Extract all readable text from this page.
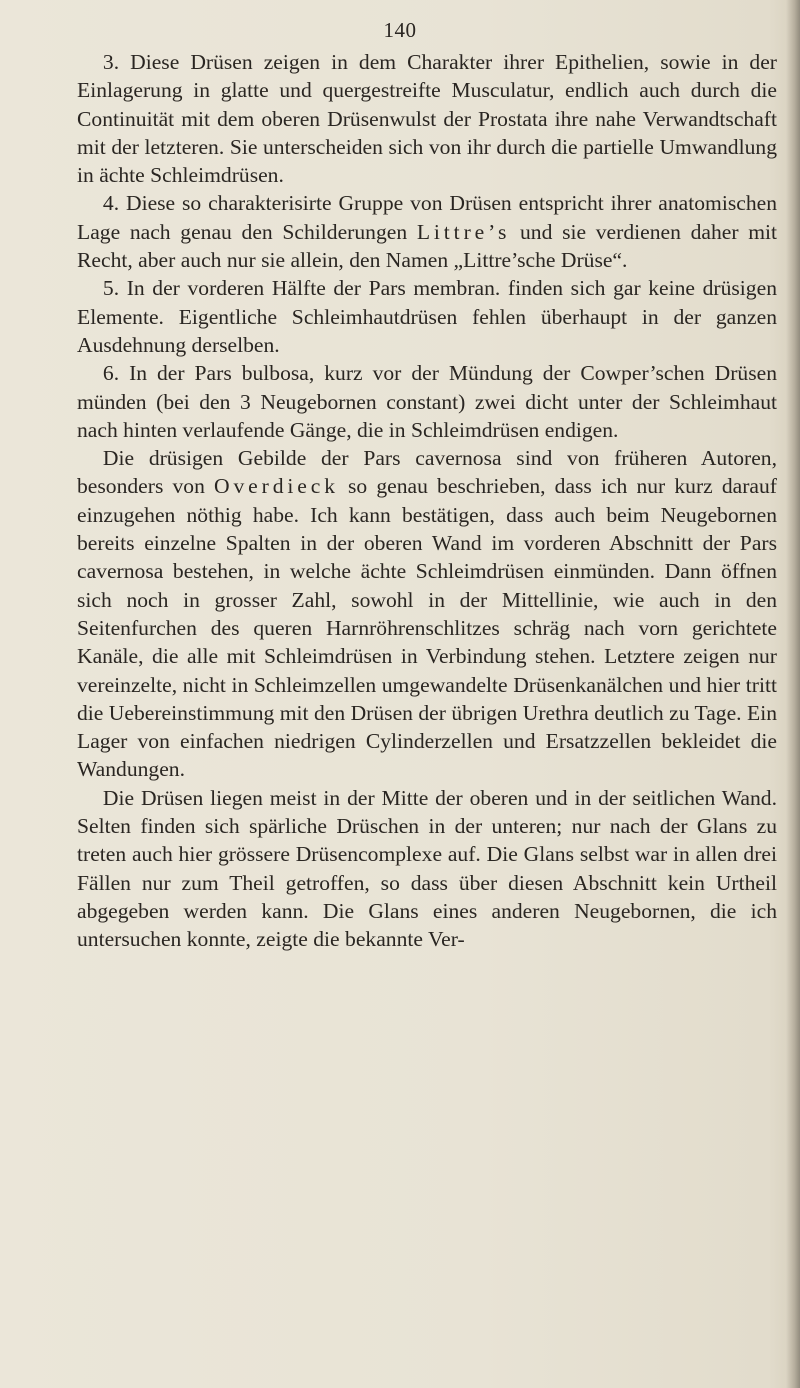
140

3. Diese Drüsen zeigen in dem Charakter ihrer Epithelien, sowie in der Einlagerung in glatte und quergestreifte Musculatur, endlich auch durch die Continuität mit dem oberen Drüsenwulst der Prostata ihre nahe Verwandtschaft mit der letzteren. Sie unterscheiden sich von ihr durch die partielle Umwandlung in ächte Schleimdrüsen.

4. Diese so charakterisirte Gruppe von Drüsen entspricht ihrer anatomischen Lage nach genau den Schilderungen Littre’s und sie verdienen daher mit Recht, aber auch nur sie allein, den Namen „Littre’sche Drüse“.

5. In der vorderen Hälfte der Pars membran. finden sich gar keine drüsigen Elemente. Eigentliche Schleimhautdrüsen fehlen überhaupt in der ganzen Ausdehnung derselben.

6. In der Pars bulbosa, kurz vor der Mündung der Cowper’schen Drüsen münden (bei den 3 Neugebornen constant) zwei dicht unter der Schleimhaut nach hinten verlaufende Gänge, die in Schleimdrüsen endigen.

Die drüsigen Gebilde der Pars cavernosa sind von früheren Autoren, besonders von Overdieck so genau beschrieben, dass ich nur kurz darauf einzugehen nöthig habe. Ich kann bestätigen, dass auch beim Neugebornen bereits einzelne Spalten in der oberen Wand im vorderen Abschnitt der Pars cavernosa bestehen, in welche ächte Schleimdrüsen einmünden. Dann öffnen sich noch in grosser Zahl, sowohl in der Mittellinie, wie auch in den Seitenfurchen des queren Harnröhrenschlitzes schräg nach vorn gerichtete Kanäle, die alle mit Schleimdrüsen in Verbindung stehen. Letztere zeigen nur vereinzelte, nicht in Schleimzellen umgewandelte Drüsenkanälchen und hier tritt die Uebereinstimmung mit den Drüsen der übrigen Urethra deutlich zu Tage. Ein Lager von einfachen niedrigen Cylinderzellen und Ersatzzellen bekleidet die Wandungen.

Die Drüsen liegen meist in der Mitte der oberen und in der seitlichen Wand. Selten finden sich spärliche Drüschen in der unteren; nur nach der Glans zu treten auch hier grössere Drüsencomplexe auf. Die Glans selbst war in allen drei Fällen nur zum Theil getroffen, so dass über diesen Abschnitt kein Urtheil abgegeben werden kann. Die Glans eines anderen Neugebornen, die ich untersuchen konnte, zeigte die bekannte Ver-
